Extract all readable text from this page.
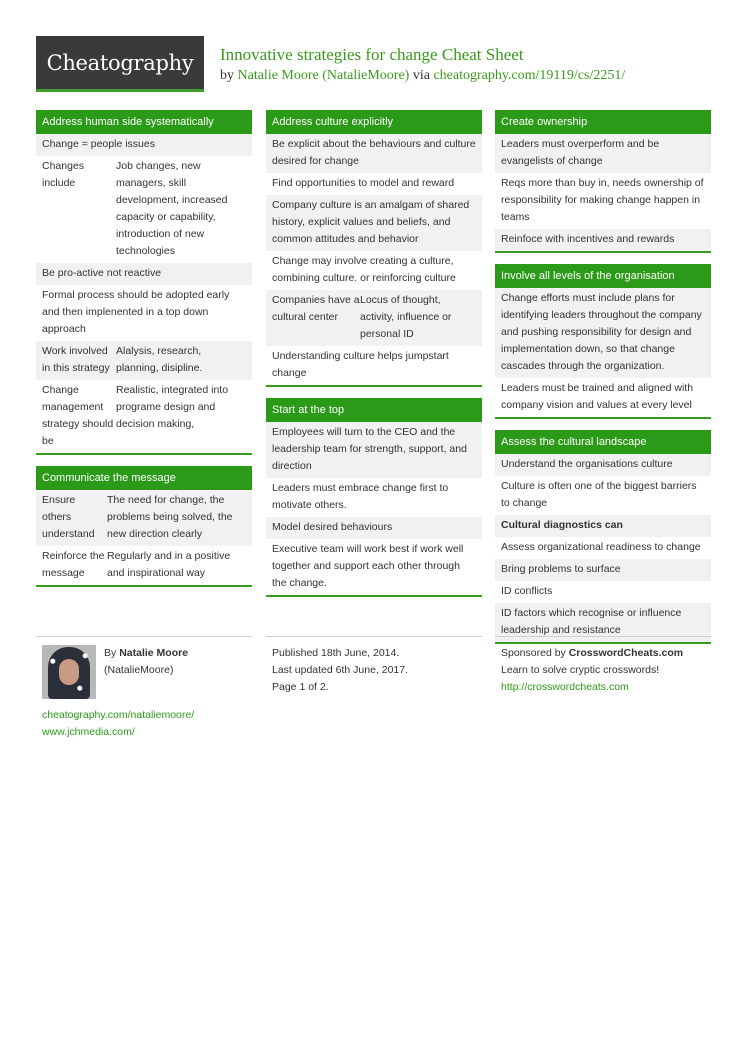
Cheatography Innovative strategies for change Cheat Sheet
by Natalie Moore (NatalieMoore) via cheatography.com/19119/cs/2251/
Address human side systematically
Change = people issues
Changes include
Job changes, new managers, skill development, increased capacity or capability, introduction of new technologies
Be pro-active not reactive
Formal process should be adopted early and then implenented in a top down approach
Work involved in this strategy
Alalysis, research, planning, disipline.
Change management strategy should be
Realistic, integrated into programe design and decision making,
Communicate the message
Ensure others understand
The need for change, the problems being solved, the new direction clearly
Reinforce the message
Regularly and in a positive and inspirational way
Address culture explicitly
Be explicit about the behaviours and culture desired for change
Find opportunities to model and reward
Company culture is an amalgam of shared history, explicit values and beliefs, and common attitudes and behavior
Change may involve creating a culture, combining culture. or reinforcing culture
Companies have a cultural center
Locus of thought, activity, influence or personal ID
Understanding culture helps jumpstart change
Start at the top
Employees will turn to the CEO and the leadership team for strength, support, and direction
Leaders must embrace change first to motivate others.
Model desired behaviours
Executive team will work best if work well together and support each other through the change.
Create ownership
Leaders must overperform and be evangelists of change
Reqs more than buy in, needs ownership of responsibility for making change happen in teams
Reinfoce with incentives and rewards
Involve all levels of the organisation
Change efforts must include plans for identifying leaders throughout the company and pushing responsibility for design and implementation down, so that change cascades through the organization.
Leaders must be trained and aligned with company vision and values at every level
Assess the cultural landscape
Understand the organisations culture
Culture is often one of the biggest barriers to change
Cultural diagnostics can
Assess organizational readiness to change
Bring problems to surface
ID conflicts
ID factors which recognise or influence leadership and resistance
By Natalie Moore
(NatalieMoore)
cheatography.com/nataliemoore/
www.jchmedia.com/
Published 18th June, 2014.
Last updated 6th June, 2017.
Page 1 of 2.
Sponsored by CrosswordCheats.com
Learn to solve cryptic crosswords!
http://crosswordcheats.com
